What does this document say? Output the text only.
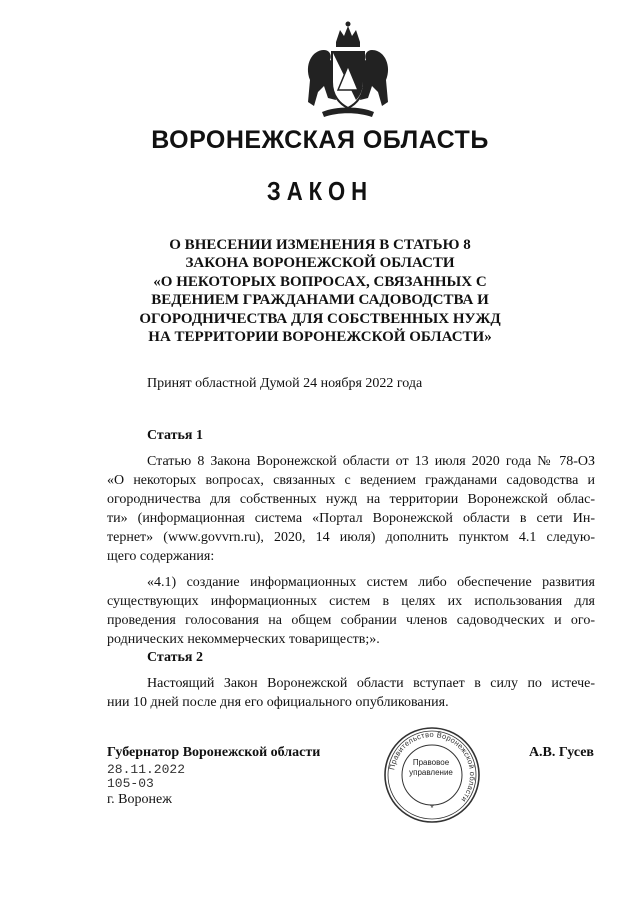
ВОРОНЕЖСКАЯ ОБЛАСТЬ
ЗАКОН
О ВНЕСЕНИИ ИЗМЕНЕНИЯ В СТАТЬЮ 8
ЗАКОНА ВОРОНЕЖСКОЙ ОБЛАСТИ
«О НЕКОТОРЫХ ВОПРОСАХ, СВЯЗАННЫХ С
ВЕДЕНИЕМ ГРАЖДАНАМИ САДОВОДСТВА И
ОГОРОДНИЧЕСТВА ДЛЯ СОБСТВЕННЫХ НУЖД
НА ТЕРРИТОРИИ ВОРОНЕЖСКОЙ ОБЛАСТИ»
Принят областной Думой 24 ноября 2022 года
Статья 1
Статью 8 Закона Воронежской области от 13 июля 2020 года № 78-ОЗ
«О некоторых вопросах, связанных с ведением гражданами садоводства и
огородничества для собственных нужд на территории Воронежской облас-
ти» (информационная система «Портал Воронежской области в сети Ин-
тернет» (www.govvrn.ru), 2020, 14 июля) дополнить пунктом 4.1 следую-
щего содержания:
«4.1) создание информационных систем либо обеспечение развития
существующих информационных систем в целях их использования для
проведения голосования на общем собрании членов садоводческих и ого-
роднических некоммерческих товариществ;».
Статья 2
Настоящий Закон Воронежской области вступает в силу по истече-
нии 10 дней после дня его официального опубликования.
Губернатор Воронежской области
28.11.2022
105-03
г. Воронеж
А.В. Гусев
Правительство Воронежской области
*
Правовое
управление
